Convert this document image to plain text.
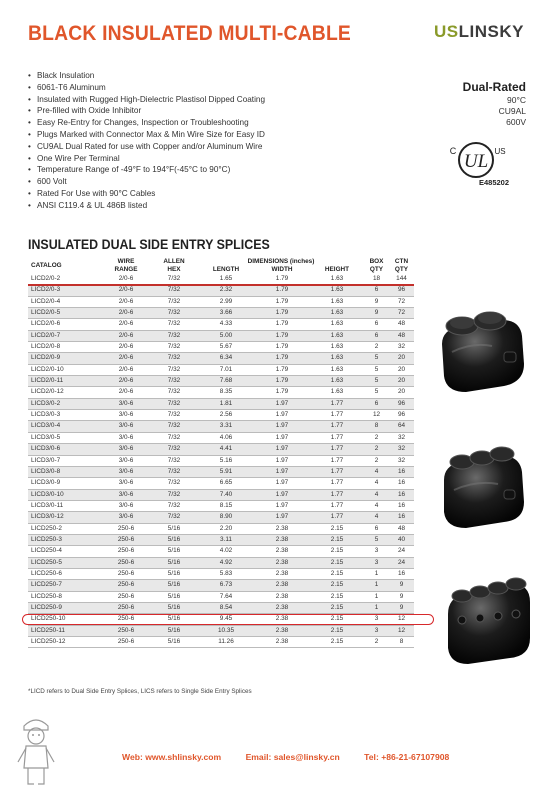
BLACK INSULATED MULTI-CABLE	USLINSKY
• Black Insulation
• 6061-T6 Aluminum
• Insulated with Rugged High-Dielectric Plastisol Dipped Coating
• Pre-filled with Oxide Inhibitor
• Easy Re-Entry for Changes, Inspection or Troubleshooting
• Plugs Marked with Connector Max & Min Wire Size for Easy ID
• CU9AL Dual Rated for use with Copper and/or Aluminum Wire
• One Wire Per Terminal
• Temperature Range of -49°F to 194°F(-45°C to 90°C)
• 600 Volt
• Rated For Use with 90°C Cables
• ANSI C119.4 & UL 486B listed
Dual-Rated
90°C
CU9AL
600V
UL
C	US
E485202
INSULATED DUAL SIDE ENTRY SPLICES
CATALOG	WIRE	ALLEN	DIMENSIONS (inches)			BOX	CTN
	RANGE	HEX	LENGTH	WIDTH	HEIGHT	QTY	QTY
LICD2/0-2	2/0-6	7/32	1.65	1.79	1.63	18	144
LICD2/0-3	2/0-6	7/32	2.32	1.79	1.63	6	96
LICD2/0-4	2/0-6	7/32	2.99	1.79	1.63	9	72
LICD2/0-5	2/0-6	7/32	3.66	1.79	1.63	9	72
LICD2/0-6	2/0-6	7/32	4.33	1.79	1.63	6	48
LICD2/0-7	2/0-6	7/32	5.00	1.79	1.63	6	48
LICD2/0-8	2/0-6	7/32	5.67	1.79	1.63	2	32
LICD2/0-9	2/0-6	7/32	6.34	1.79	1.63	5	20
LICD2/0-10	2/0-6	7/32	7.01	1.79	1.63	5	20
LICD2/0-11	2/0-6	7/32	7.68	1.79	1.63	5	20
LICD2/0-12	2/0-6	7/32	8.35	1.79	1.63	5	20
LICD3/0-2	3/0-6	7/32	1.81	1.97	1.77	6	96
LICD3/0-3	3/0-6	7/32	2.56	1.97	1.77	12	96
LICD3/0-4	3/0-6	7/32	3.31	1.97	1.77	8	64
LICD3/0-5	3/0-6	7/32	4.06	1.97	1.77	2	32
LICD3/0-6	3/0-6	7/32	4.41	1.97	1.77	2	32
LICD3/0-7	3/0-6	7/32	5.16	1.97	1.77	2	32
LICD3/0-8	3/0-6	7/32	5.91	1.97	1.77	4	16
LICD3/0-9	3/0-6	7/32	6.65	1.97	1.77	4	16
LICD3/0-10	3/0-6	7/32	7.40	1.97	1.77	4	16
LICD3/0-11	3/0-6	7/32	8.15	1.97	1.77	4	16
LICD3/0-12	3/0-6	7/32	8.90	1.97	1.77	4	16
LICD250-2	250-6	5/16	2.20	2.38	2.15	6	48
LICD250-3	250-6	5/16	3.11	2.38	2.15	5	40
LICD250-4	250-6	5/16	4.02	2.38	2.15	3	24
LICD250-5	250-6	5/16	4.92	2.38	2.15	3	24
LICD250-6	250-6	5/16	5.83	2.38	2.15	1	16
LICD250-7	250-6	5/16	6.73	2.38	2.15	1	9
LICD250-8	250-6	5/16	7.64	2.38	2.15	1	9
LICD250-9	250-6	5/16	8.54	2.38	2.15	1	9
LICD250-10	250-6	5/16	9.45	2.38	2.15	3	12
LICD250-11	250-6	5/16	10.35	2.38	2.15	3	12
LICD250-12	250-6	5/16	11.26	2.38	2.15	2	8
*LICD refers to Dual Side Entry Splices, LICS refers to Single Side Entry Splices
Web: www.shlinsky.com	Email: sales@linsky.cn	Tel: +86-21-67107908
